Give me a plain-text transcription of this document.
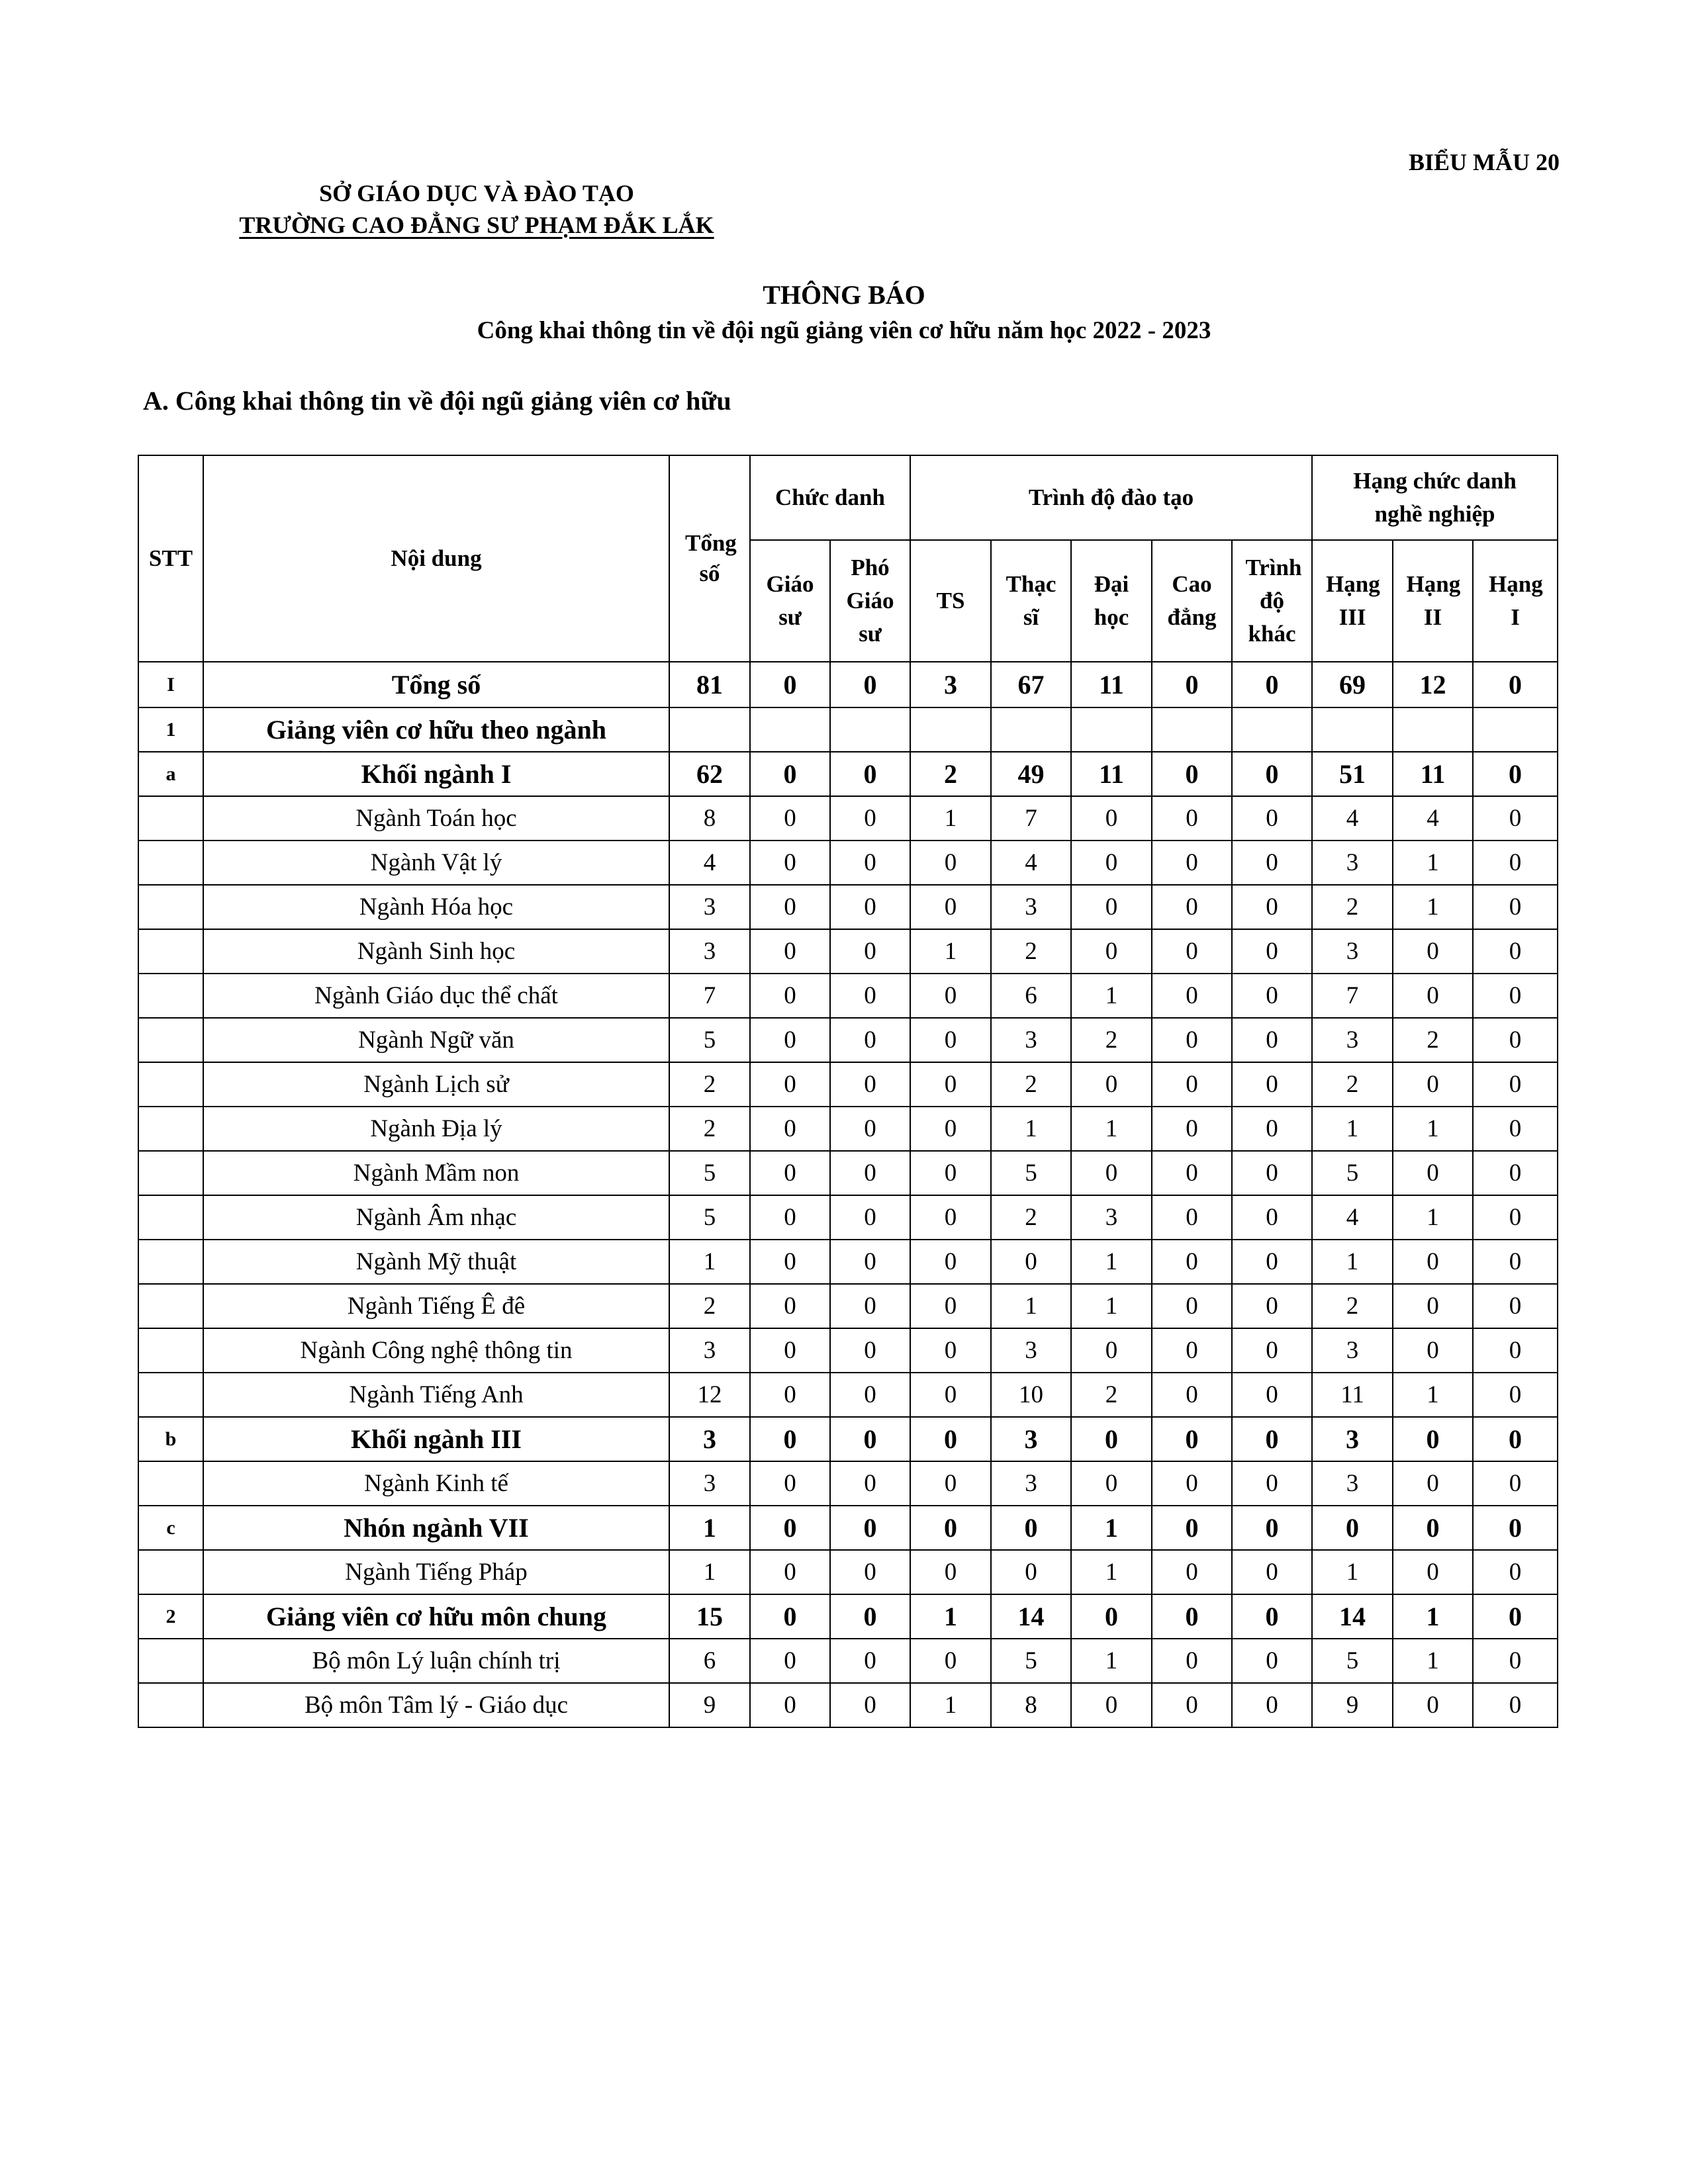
BIỂU MẪU 20
SỞ GIÁO DỤC VÀ ĐÀO TẠO
TRƯỜNG CAO ĐẲNG SƯ PHẠM ĐẮK LẮK
THÔNG BÁO
Công khai thông tin về đội ngũ giảng viên cơ hữu năm học 2022 - 2023
A. Công khai thông tin về đội ngũ giảng viên cơ hữu
STT	Nội dung	Tổng số	Chức danh		Trình độ đào tạo					Hạng chức danh nghề nghiệp		

			Giáo sư	Phó Giáo sư	TS	Thạc sĩ	Đại học	Cao đẳng	Trình độ khác	Hạng III	Hạng II	Hạng I

I	Tổng số	81	0	0	3	67	11	0	0	69	12	0
1	Giảng viên cơ hữu theo ngành											
a	Khối ngành I	62	0	0	2	49	11	0	0	51	11	0
	Ngành Toán học	8	0	0	1	7	0	0	0	4	4	0
	Ngành Vật lý	4	0	0	0	4	0	0	0	3	1	0
	Ngành Hóa học	3	0	0	0	3	0	0	0	2	1	0
	Ngành Sinh học	3	0	0	1	2	0	0	0	3	0	0
	Ngành Giáo dục thể chất	7	0	0	0	6	1	0	0	7	0	0
	Ngành Ngữ văn	5	0	0	0	3	2	0	0	3	2	0
	Ngành Lịch sử	2	0	0	0	2	0	0	0	2	0	0
	Ngành Địa lý	2	0	0	0	1	1	0	0	1	1	0
	Ngành Mầm non	5	0	0	0	5	0	0	0	5	0	0
	Ngành Âm nhạc	5	0	0	0	2	3	0	0	4	1	0
	Ngành Mỹ thuật	1	0	0	0	0	1	0	0	1	0	0
	Ngành Tiếng Ê đê	2	0	0	0	1	1	0	0	2	0	0
	Ngành Công nghệ thông tin	3	0	0	0	3	0	0	0	3	0	0
	Ngành Tiếng Anh	12	0	0	0	10	2	0	0	11	1	0
b	Khối ngành III	3	0	0	0	3	0	0	0	3	0	0
	Ngành Kinh tế	3	0	0	0	3	0	0	0	3	0	0
c	Nhón ngành VII	1	0	0	0	0	1	0	0	0	0	0
	Ngành Tiếng Pháp	1	0	0	0	0	1	0	0	1	0	0
2	Giảng viên cơ hữu môn chung	15	0	0	1	14	0	0	0	14	1	0
	Bộ môn Lý luận chính trị	6	0	0	0	5	1	0	0	5	1	0
	Bộ môn Tâm lý - Giáo dục	9	0	0	1	8	0	0	0	9	0	0
